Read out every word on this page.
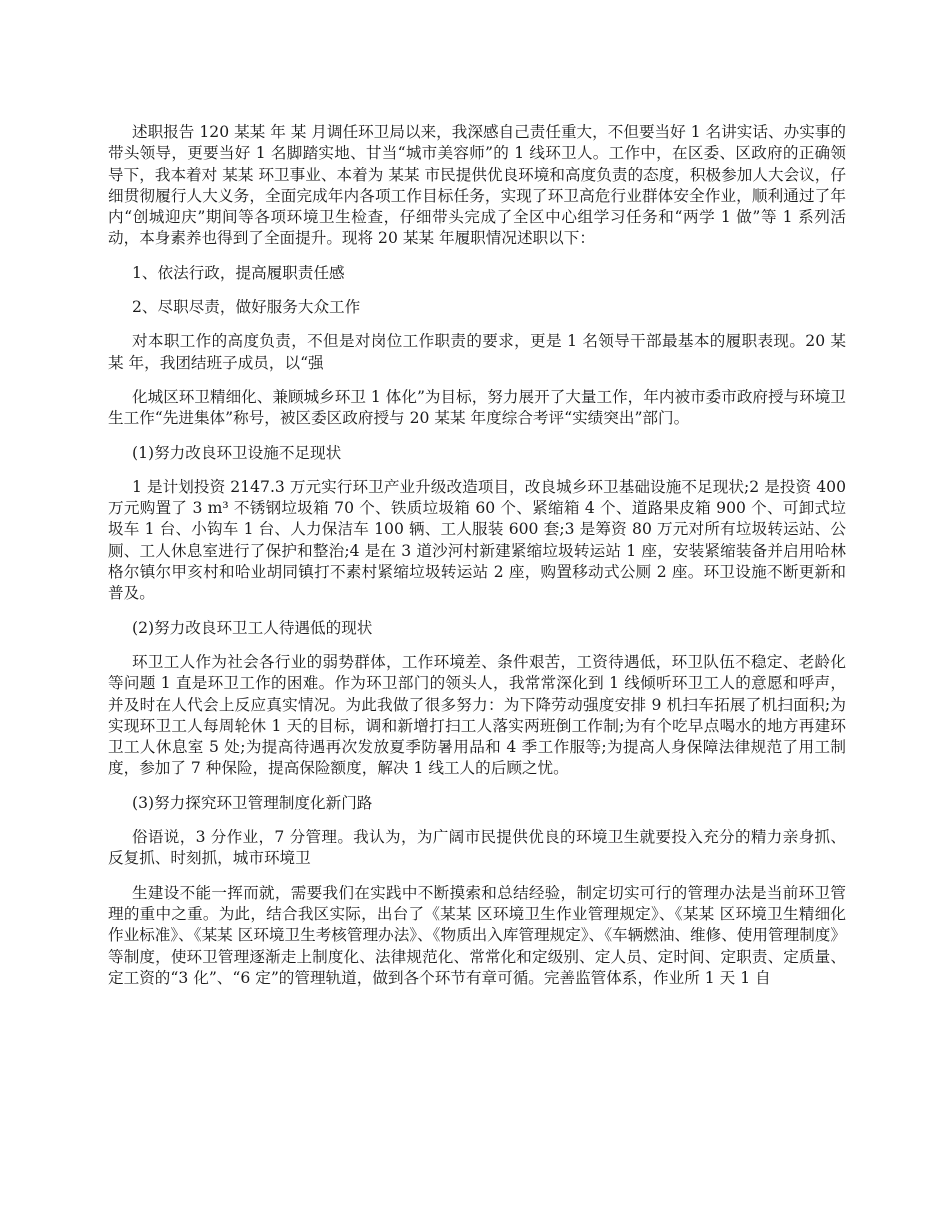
述职报告 120 某某 年 某 月调任环卫局以来，我深感自己责任重大，不但要当好 1 名讲实话、办实事的带头领导，更要当好 1 名脚踏实地、甘当“城市美容师”的 1 线环卫人。工作中，在区委、区政府的正确领导下，我本着对 某某 环卫事业、本着为 某某 市民提供优良环境和高度负责的态度，积极参加人大会议，仔细贯彻履行人大义务，全面完成年内各项工作目标任务，实现了环卫高危行业群体安全作业，顺利通过了年内“创城迎庆”期间等各项环境卫生检查，仔细带头完成了全区中心组学习任务和“两学 1 做”等 1 系列活动，本身素养也得到了全面提升。现将 20 某某 年履职情况述职以下：

1、依法行政，提高履职责任感

2、尽职尽责，做好服务大众工作

对本职工作的高度负责，不但是对岗位工作职责的要求，更是 1 名领导干部最基本的履职表现。20 某某 年，我团结班子成员，以“强

化城区环卫精细化、兼顾城乡环卫 1 体化”为目标，努力展开了大量工作，年内被市委市政府授与环境卫生工作“先进集体”称号，被区委区政府授与 20 某某 年度综合考评“实绩突出”部门。

(1)努力改良环卫设施不足现状

1 是计划投资 2147.3 万元实行环卫产业升级改造项目，改良城乡环卫基础设施不足现状;2 是投资 400 万元购置了 3 m³ 不锈钢垃圾箱 70 个、铁质垃圾箱 60 个、紧缩箱 4 个、道路果皮箱 900 个、可卸式垃圾车 1 台、小钩车 1 台、人力保洁车 100 辆、工人服装 600 套;3 是筹资 80 万元对所有垃圾转运站、公厕、工人休息室进行了保护和整治;4 是在 3 道沙河村新建紧缩垃圾转运站 1 座，安装紧缩装备并启用哈林格尔镇尔甲亥村和哈业胡同镇打不素村紧缩垃圾转运站 2 座，购置移动式公厕 2 座。环卫设施不断更新和普及。

(2)努力改良环卫工人待遇低的现状

环卫工人作为社会各行业的弱势群体，工作环境差、条件艰苦，工资待遇低，环卫队伍不稳定、老龄化等问题 1 直是环卫工作的困难。作为环卫部门的领头人，我常常深化到 1 线倾听环卫工人的意愿和呼声，并及时在人代会上反应真实情况。为此我做了很多努力：为下降劳动强度安排 9 机扫车拓展了机扫面积;为实现环卫工人每周轮休 1 天的目标，调和新增打扫工人落实两班倒工作制;为有个吃早点喝水的地方再建环卫工人休息室 5 处;为提高待遇再次发放夏季防暑用品和 4 季工作服等;为提高人身保障法律规范了用工制度，参加了 7 种保险，提高保险额度，解决 1 线工人的后顾之忧。

(3)努力探究环卫管理制度化新门路

俗语说，3 分作业，7 分管理。我认为，为广阔市民提供优良的环境卫生就要投入充分的精力亲身抓、反复抓、时刻抓，城市环境卫

生建设不能一挥而就，需要我们在实践中不断摸索和总结经验，制定切实可行的管理办法是当前环卫管理的重中之重。为此，结合我区实际，出台了《某某 区环境卫生作业管理规定》、《某某 区环境卫生精细化作业标准》、《某某 区环境卫生考核管理办法》、《物质出入库管理规定》、《车辆燃油、维修、使用管理制度》等制度，使环卫管理逐渐走上制度化、法律规范化、常常化和定级别、定人员、定时间、定职责、定质量、定工资的“3 化”、“6 定”的管理轨道，做到各个环节有章可循。完善监管体系，作业所 1 天 1 自
